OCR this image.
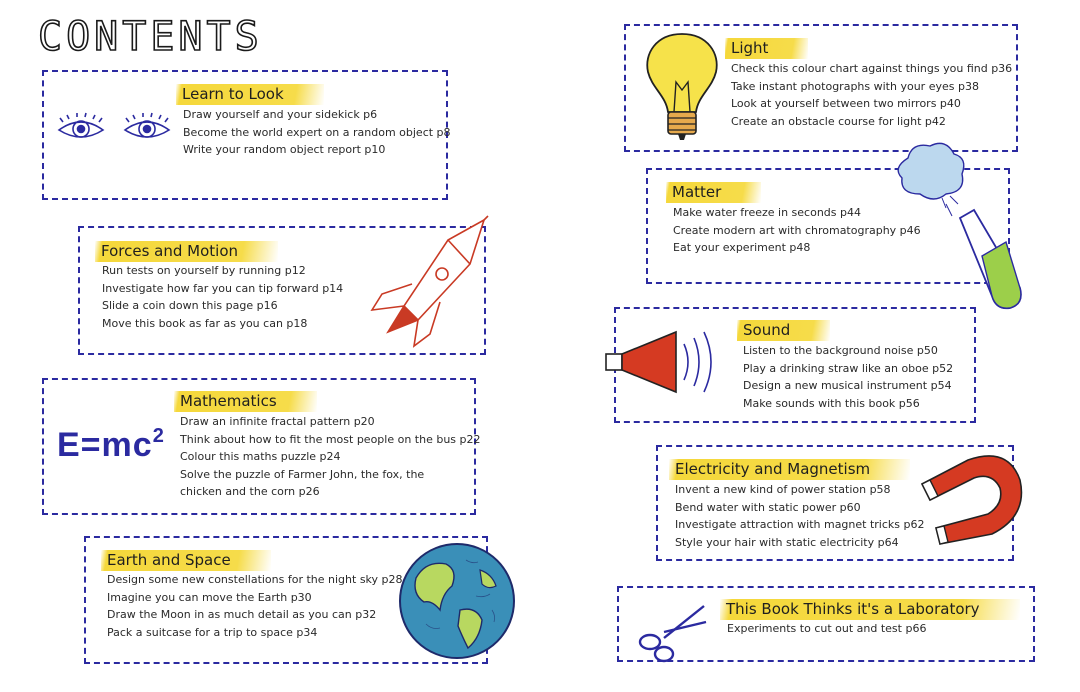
CONTENTS
Learn to Look
Draw yourself and your sidekick p6
Become the world expert on a random object p8
Write your random object report p10
Forces and Motion
Run tests on yourself by running p12
Investigate how far you can tip forward p14
Slide a coin down this page p16
Move this book as far as you can p18
Mathematics
Draw an infinite fractal pattern p20
Think about how to fit the most people on the bus p22
Colour this maths puzzle p24
Solve the puzzle of Farmer John, the fox, the chicken and the corn p26
$E=mc^2$
Earth and Space
Design some new constellations for the night sky p28
Imagine you can move the Earth p30
Draw the Moon in as much detail as you can p32
Pack a suitcase for a trip to space p34
Light
Check this colour chart against things you find p36
Take instant photographs with your eyes p38
Look at yourself between two mirrors p40
Create an obstacle course for light p42
Matter
Make water freeze in seconds p44
Create modern art with chromatography p46
Eat your experiment p48
Sound
Listen to the background noise p50
Play a drinking straw like an oboe p52
Design a new musical instrument p54
Make sounds with this book p56
Electricity and Magnetism
Invent a new kind of power station p58
Bend water with static power p60
Investigate attraction with magnet tricks p62
Style your hair with static electricity p64
This Book Thinks it's a Laboratory
Experiments to cut out and test p66
